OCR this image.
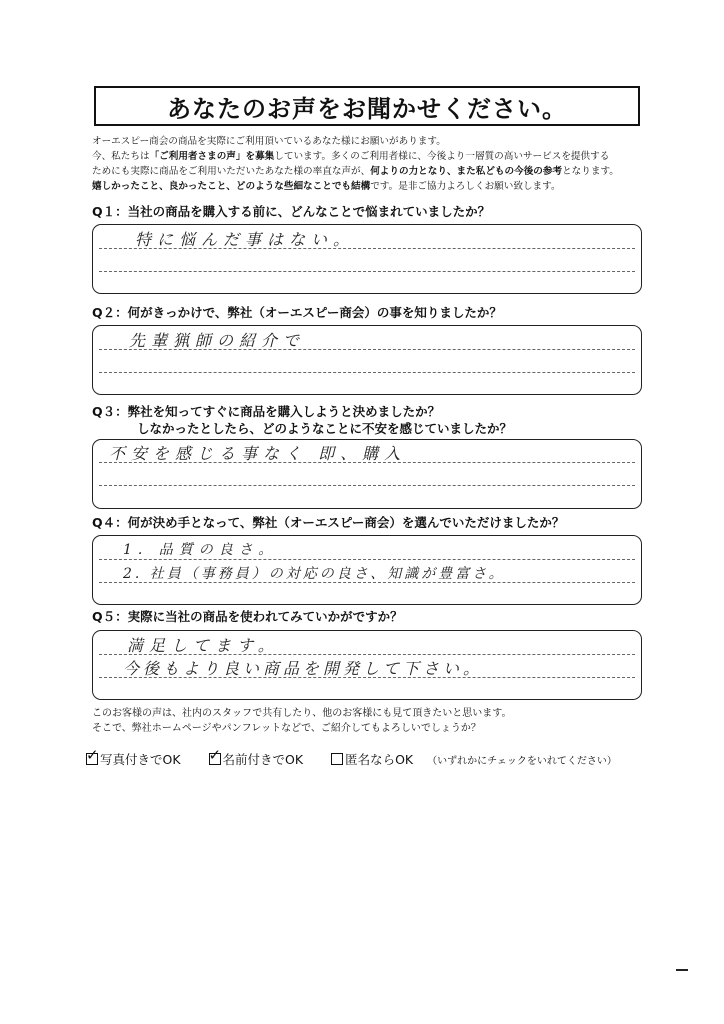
あなたのお声をお聞かせください。
オーエスピー商会の商品を実際にご利用頂いているあなた様にお願いがあります。
今、私たちは「ご利用者さまの声」を募集しています。多くのご利用者様に、今後より一層質の高いサービスを提供する
ためにも実際に商品をご利用いただいたあなた様の率直な声が、何よりの力となり、また私どもの今後の参考となります。
嬉しかったこと、良かったこと、どのような些細なことでも結構です。是非ご協力よろしくお願い致します。
Q１：当社の商品を購入する前に、どんなことで悩まれていましたか？
特に悩んだ事はない。
Q２：何がきっかけで、弊社（オーエスピー商会）の事を知りましたか？
先輩猟師の紹介で
Q３：弊社を知ってすぐに商品を購入しようと決めましたか？
しなかったとしたら、どのようなことに不安を感じていましたか？
不安を感じる事なく 即、購入
Q４：何が決め手となって、弊社（オーエスピー商会）を選んでいただけましたか？
1. 品質の良さ。
2. 社員（事務員）の対応の良さ、知識が豊富さ。
Q５：実際に当社の商品を使われてみていかがですか？
満足してます。
今後もより良い商品を開発して下さい。
このお客様の声は、社内のスタッフで共有したり、他のお客様にも見て頂きたいと思います。
そこで、弊社ホームページやパンフレットなどで、ご紹介してもよろしいでしょうか？
✓ 写真付きでOK ✓ 名前付きでOK	匿名ならOK （いずれかにチェックをいれてください）
